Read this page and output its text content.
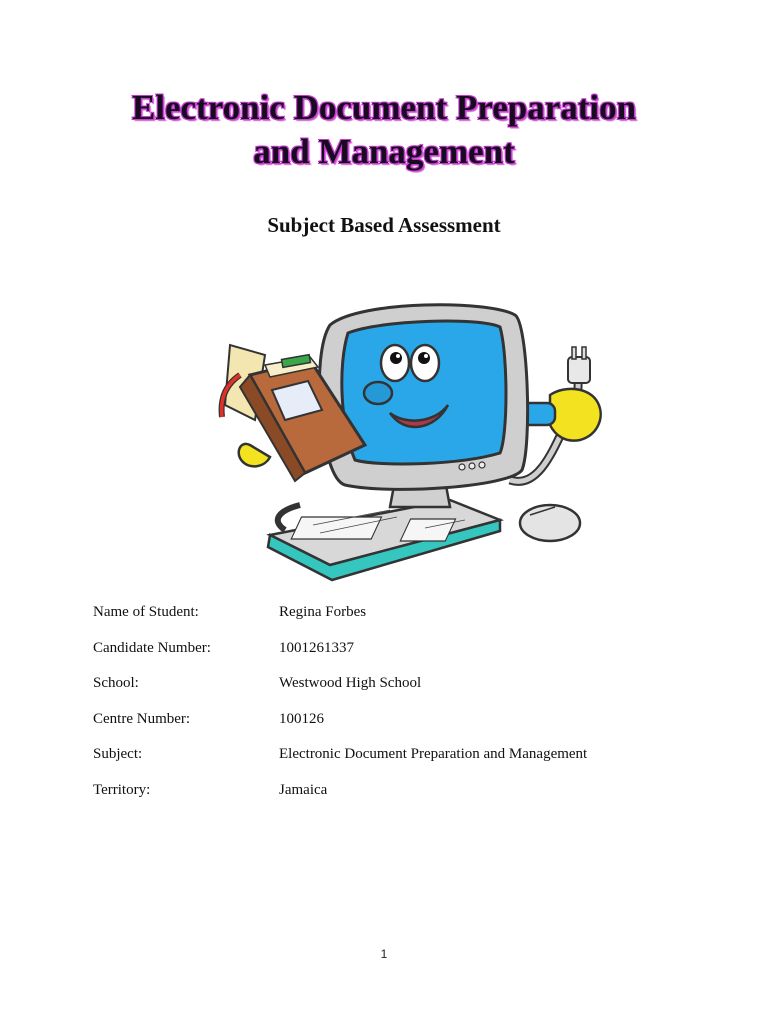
Electronic Document Preparation
and Management
Subject Based Assessment
Name of Student:	Regina Forbes
Candidate Number:	1001261337
School:	Westwood High School
Centre Number:	100126
Subject:	Electronic Document Preparation and Management
Territory:	Jamaica
1
